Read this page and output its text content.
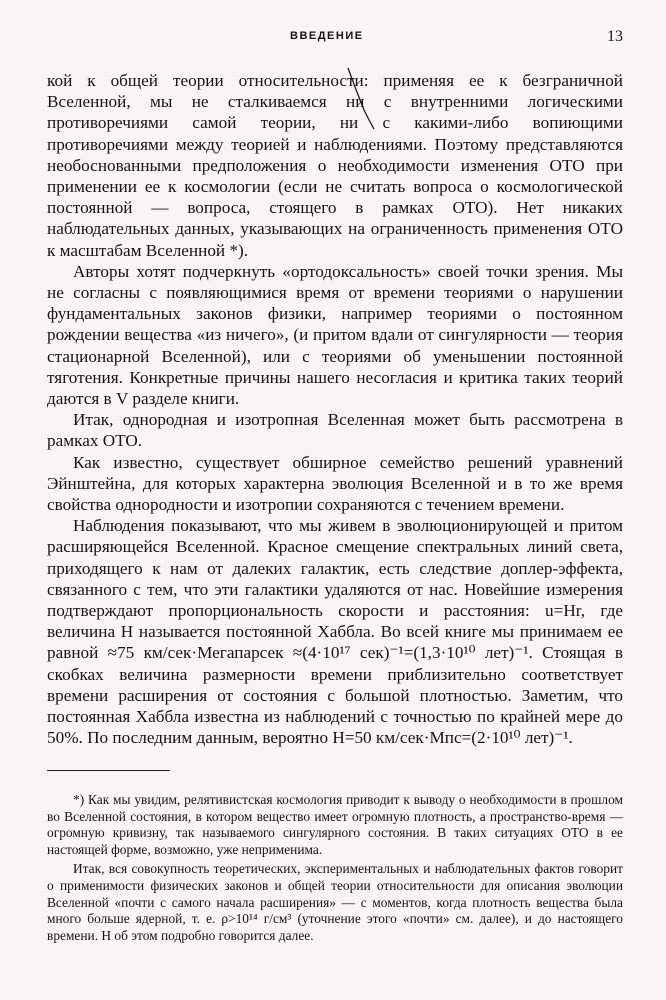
ВВЕДЕНИЕ	13

кой к общей теории относительности: применяя ее к безграничной Вселенной, мы не сталкиваемся ни с внутренними логическими противоречиями самой теории, ни с какими-либо вопиющими противоречиями между теорией и наблюдениями. Поэтому представляются необоснованными предположения о необходимости изменения ОТО при применении ее к космологии (если не считать вопроса о космологической постоянной — вопроса, стоящего в рамках ОТО). Нет никаких наблюдательных данных, указывающих на ограниченность применения ОТО к масштабам Вселенной *).

Авторы хотят подчеркнуть «ортодоксальность» своей точки зрения. Мы не согласны с появляющимися время от времени теориями о нарушении фундаментальных законов физики, например теориями о постоянном рождении вещества «из ничего», (и притом вдали от сингулярности — теория стационарной Вселенной), или с теориями об уменьшении постоянной тяготения. Конкретные причины нашего несогласия и критика таких теорий даются в V разделе книги.

Итак, однородная и изотропная Вселенная может быть рассмотрена в рамках ОТО.

Как известно, существует обширное семейство решений уравнений Эйнштейна, для которых характерна эволюция Вселенной и в то же время свойства однородности и изотропии сохраняются с течением времени.

Наблюдения показывают, что мы живем в эволюционирующей и притом расширяющейся Вселенной. Красное смещение спектральных линий света, приходящего к нам от далеких галактик, есть следствие доплер-эффекта, связанного с тем, что эти галактики удаляются от нас. Новейшие измерения подтверждают пропорциональность скорости и расстояния: u=Hr, где величина H называется постоянной Хаббла. Во всей книге мы принимаем ее равной ≈75 км/сек·Мегапарсек ≈(4·10¹⁷ сек)⁻¹=(1,3·10¹⁰ лет)⁻¹. Стоящая в скобках величина размерности времени приблизительно соответствует времени расширения от состояния с большой плотностью. Заметим, что постоянная Хаббла известна из наблюдений с точностью по крайней мере до 50%. По последним данным, вероятно H=50 км/сек·Мпс=(2·10¹⁰ лет)⁻¹.

*) Как мы увидим, релятивистская космология приводит к выводу о необходимости в прошлом во Вселенной состояния, в котором вещество имеет огромную плотность, а пространство-время — огромную кривизну, так называемого сингулярного состояния. В таких ситуациях ОТО в ее настоящей форме, возможно, уже неприменима.

Итак, вся совокупность теоретических, экспериментальных и наблюдательных фактов говорит о применимости физических законов и общей теории относительности для описания эволюции Вселенной «почти с самого начала расширения» — с моментов, когда плотность вещества была много больше ядерной, т. е. ρ>10¹⁴ г/см³ (уточнение этого «почти» см. далее), и до настоящего времени. Н об этом подробно говорится далее.
